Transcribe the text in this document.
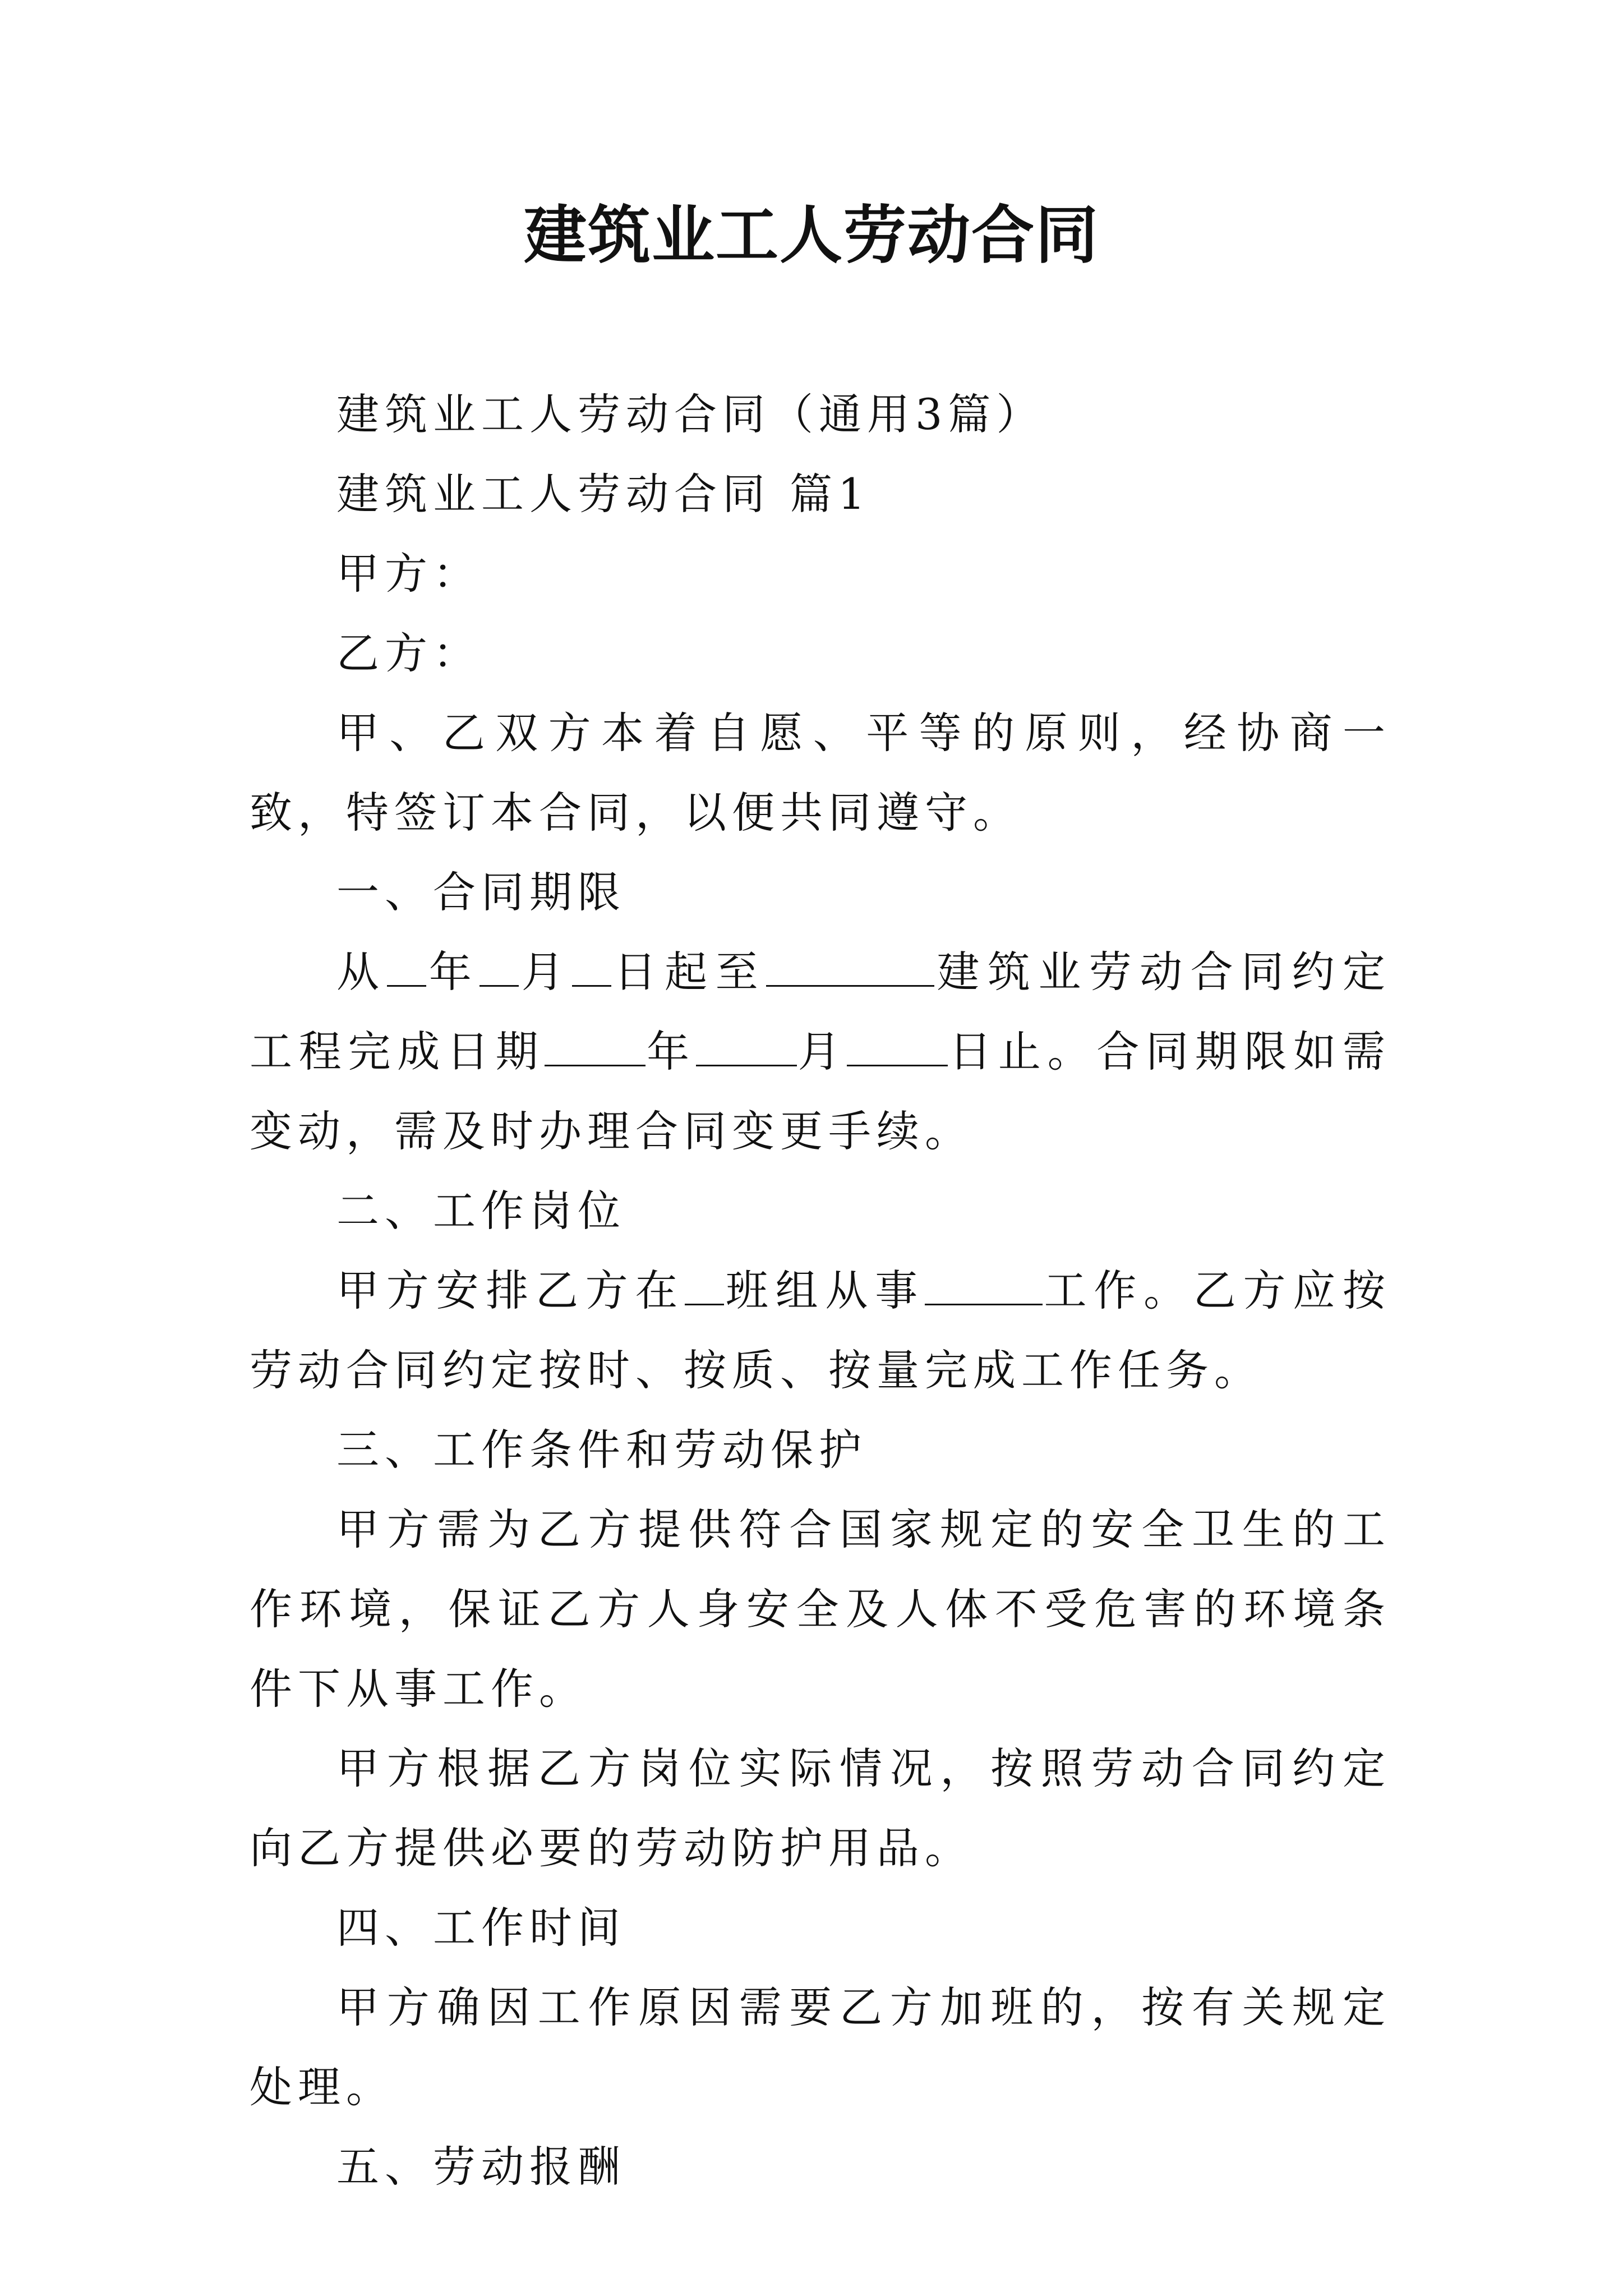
建筑业工人劳动合同

建筑业工人劳动合同（通用3篇）

建筑业工人劳动合同 篇1

甲方：

乙方：

甲、乙双方本着自愿、平等的原则，经协商一致，特签订本合同，以便共同遵守。

一、合同期限

从 年 月 日起至	建筑业劳动合同约定工程完成日期 年 月 日止。合同期限如需变动，需及时办理合同变更手续。

二、工作岗位

甲方安排乙方在 班组从事	工作。乙方应按劳动合同约定按时、按质、按量完成工作任务。

三、工作条件和劳动保护

甲方需为乙方提供符合国家规定的安全卫生的工作环境，保证乙方人身安全及人体不受危害的环境条件下从事工作。

甲方根据乙方岗位实际情况，按照劳动合同约定向乙方提供必要的劳动防护用品。

四、工作时间

甲方确因工作原因需要乙方加班的，按有关规定处理。

五、劳动报酬
